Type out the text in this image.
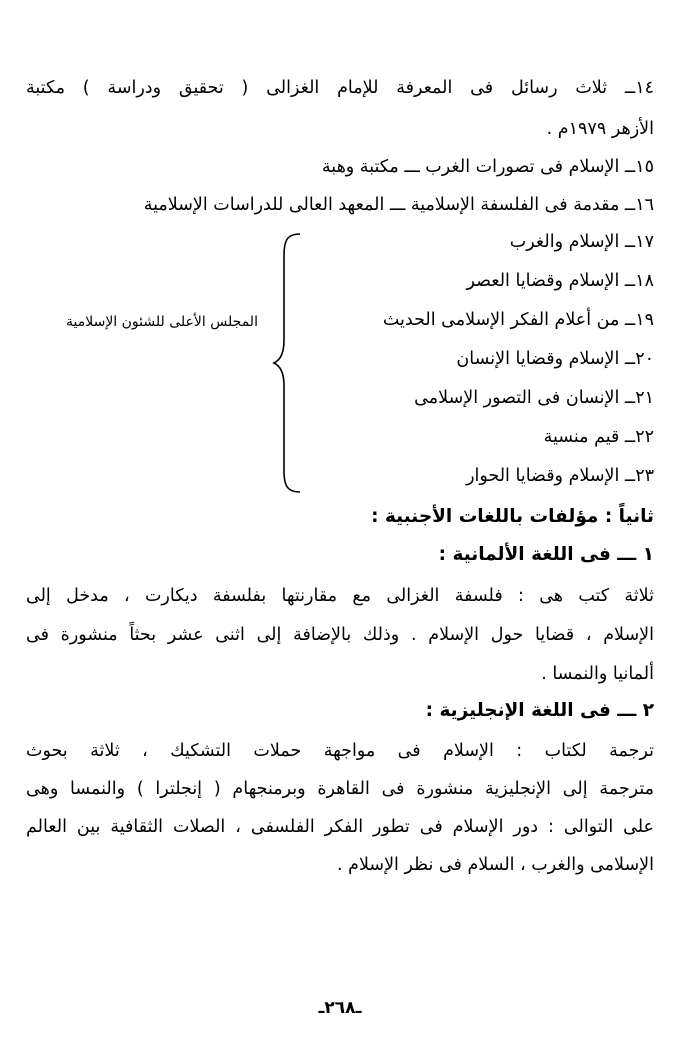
١٤ــ ثلاث رسائل فى المعرفة للإمام الغزالى ( تحقيق ودراسة ) مكتبة
الأزهر ١٩٧٩م .
١٥ــ الإسلام فى تصورات الغرب ـــ مكتبة وهبة
١٦ــ مقدمة فى الفلسفة الإسلامية ـــ المعهد العالى للدراسات الإسلامية
١٧ــ الإسلام والغرب
١٨ــ الإسلام وقضايا العصر
١٩ــ من أعلام الفكر الإسلامى الحديث
٢٠ــ الإسلام وقضايا الإنسان
٢١ــ الإنسان فى التصور الإسلامى
٢٢ــ قيم منسية
٢٣ــ الإسلام وقضايا الحوار
المجلس الأعلى للشئون الإسلامية
ثانياً : مؤلفات باللغات الأجنبية :
١ ـــ فى اللغة الألمانية :
ثلاثة كتب هى : فلسفة الغزالى مع مقارنتها بفلسفة ديكارت ، مدخل إلى
الإسلام ، قضايا حول الإسلام . وذلك بالإضافة إلى اثنى عشر بحثاً منشورة فى
ألمانيا والنمسا .
٢ ـــ فى اللغة الإنجليزية :
ترجمة لكتاب : الإسلام فى مواجهة حملات التشكيك ، ثلاثة بحوث
مترجمة إلى الإنجليزية منشورة فى القاهرة وبرمنجهام ( إنجلترا ) والنمسا وهى
على التوالى : دور الإسلام فى تطور الفكر الفلسفى ، الصلات الثقافية بين العالم
الإسلامى والغرب ، السلام فى نظر الإسلام .
ـ٢٦٨ـ
